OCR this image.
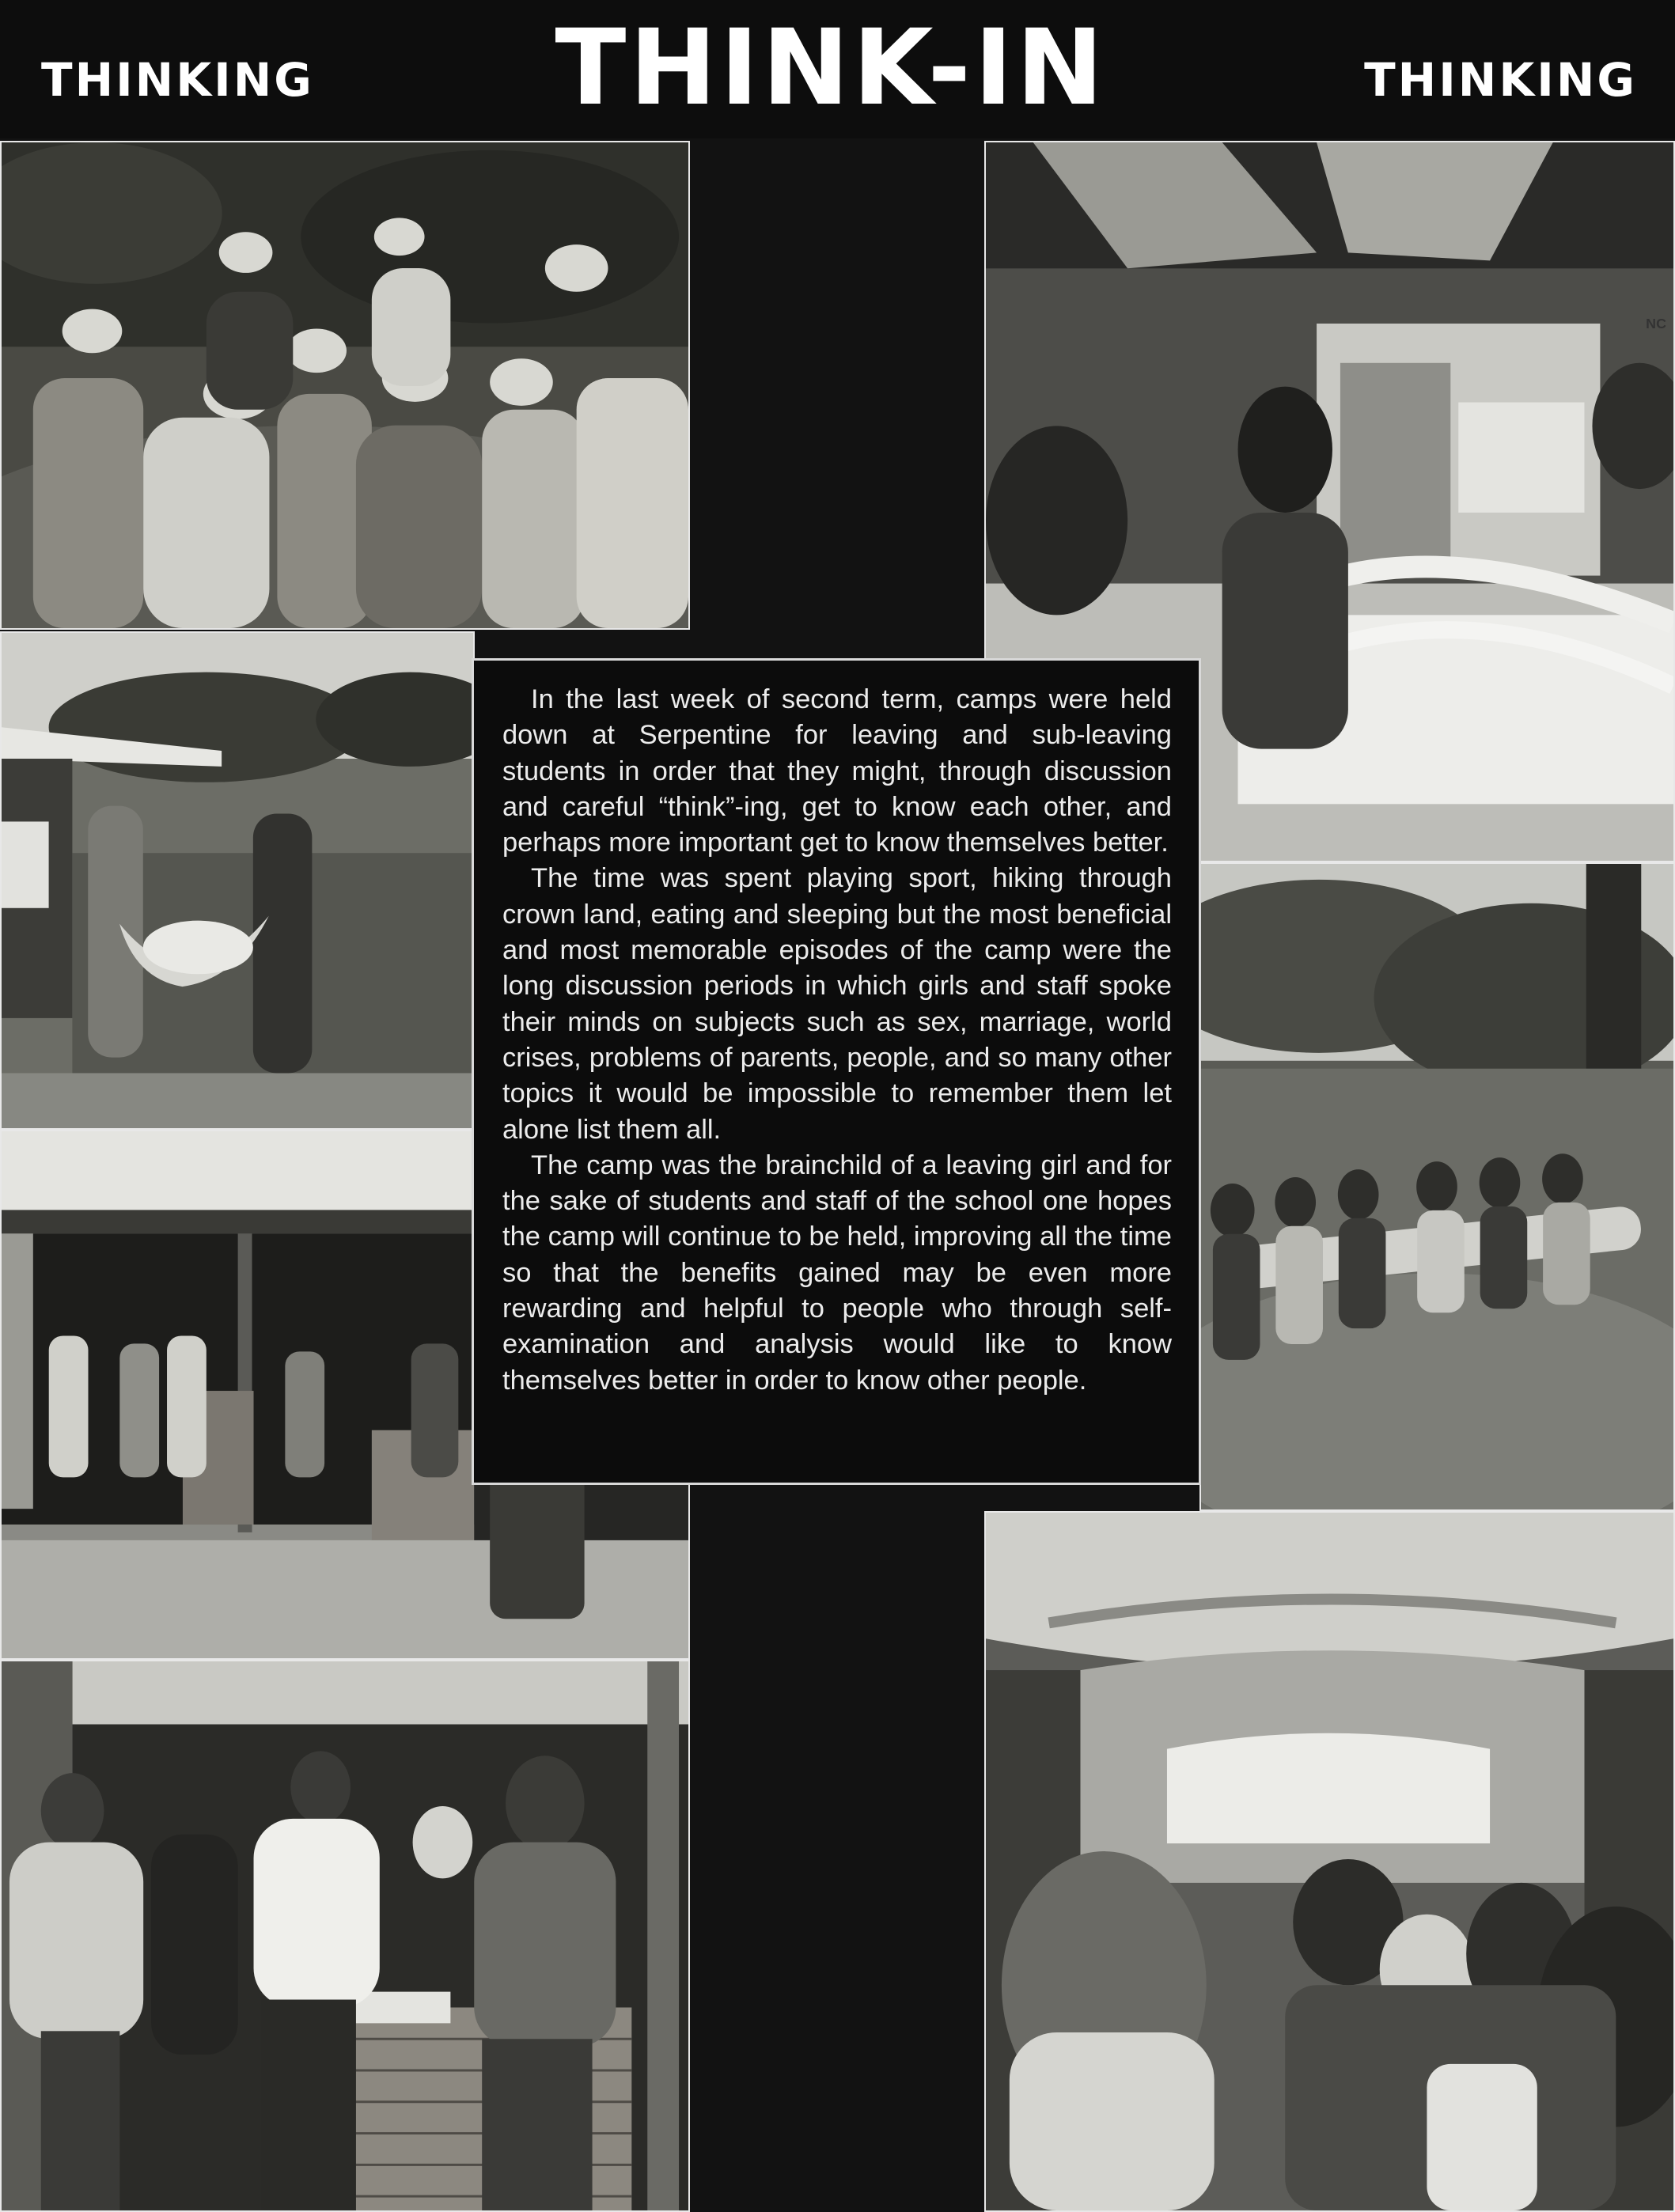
THINKING	THINK-IN	THINKING
NC

In the last week of second term, camps were held down at Serpentine for leaving and sub-leaving students in order that they might, through discussion and careful “think”-ing, get to know each other, and perhaps more important get to know themselves better.

The time was spent playing sport, hiking through crown land, eating and sleeping but the most beneficial and most memorable episodes of the camp were the long discussion periods in which girls and staff spoke their minds on subjects such as sex, marriage, world crises, problems of parents, people, and so many other topics it would be impossible to remember them let alone list them all.

The camp was the brainchild of a leaving girl and for the sake of students and staff of the school one hopes the camp will continue to be held, improving all the time so that the benefits gained may be even more rewarding and helpful to people who through self-examination and analysis would like to know themselves better in order to know other people.
